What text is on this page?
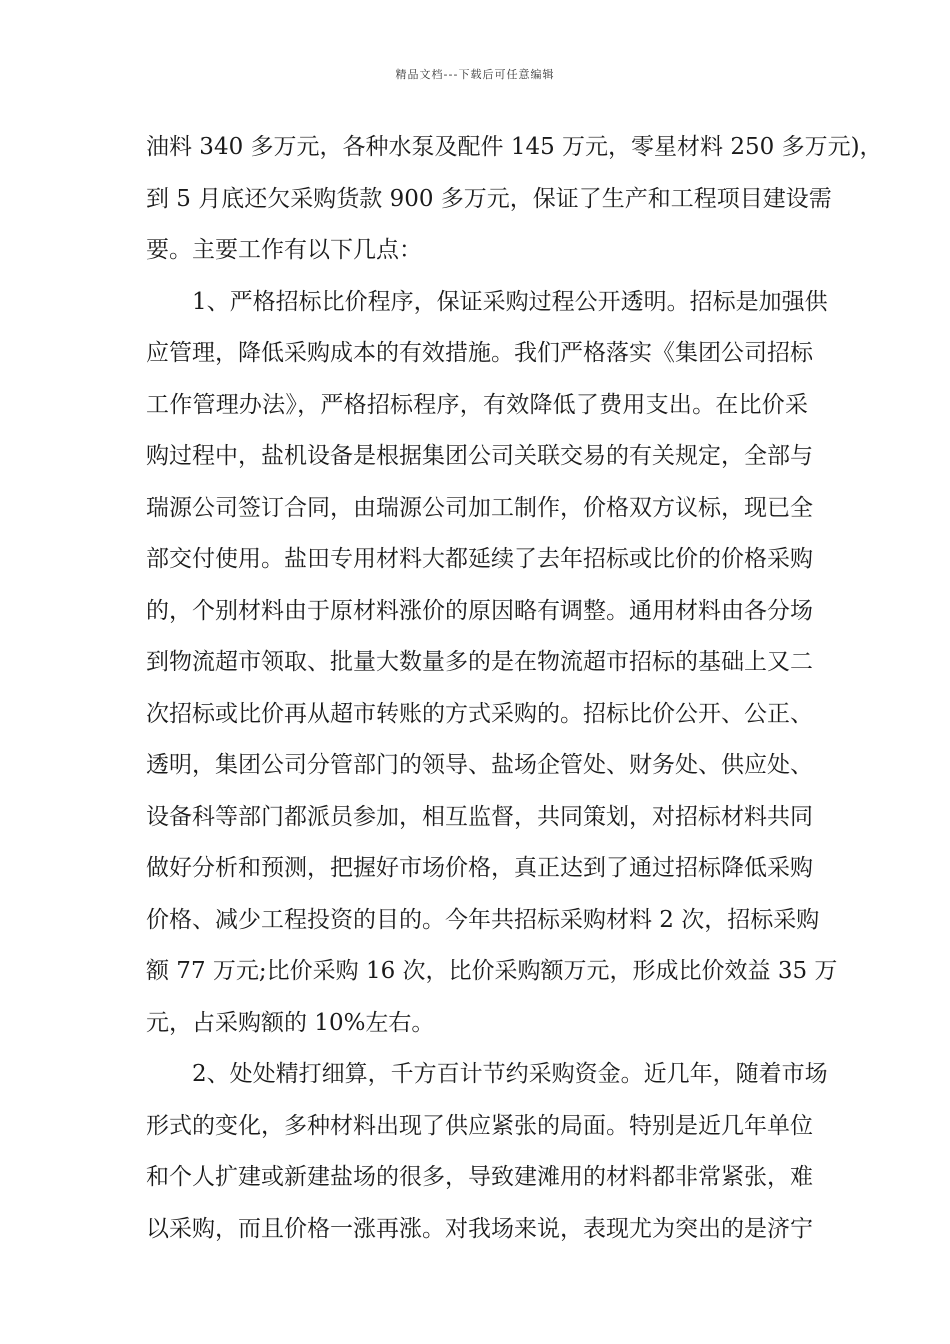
精品文档---下载后可任意编辑
油料 340 多万元，各种水泵及配件 145 万元，零星材料 250 多万元)，
到 5 月底还欠采购货款 900 多万元，保证了生产和工程项目建设需
要。主要工作有以下几点：
1、严格招标比价程序，保证采购过程公开透明。招标是加强供
应管理，降低采购成本的有效措施。我们严格落实《集团公司招标
工作管理办法》，严格招标程序，有效降低了费用支出。在比价采
购过程中，盐机设备是根据集团公司关联交易的有关规定，全部与
瑞源公司签订合同，由瑞源公司加工制作，价格双方议标，现已全
部交付使用。盐田专用材料大都延续了去年招标或比价的价格采购
的，个别材料由于原材料涨价的原因略有调整。通用材料由各分场
到物流超市领取、批量大数量多的是在物流超市招标的基础上又二
次招标或比价再从超市转账的方式采购的。招标比价公开、公正、
透明，集团公司分管部门的领导、盐场企管处、财务处、供应处、
设备科等部门都派员参加，相互监督，共同策划，对招标材料共同
做好分析和预测，把握好市场价格，真正达到了通过招标降低采购
价格、减少工程投资的目的。今年共招标采购材料 2 次，招标采购
额 77 万元;比价采购 16 次，比价采购额万元，形成比价效益 35 万
元，占采购额的 10%左右。
2、处处精打细算，千方百计节约采购资金。近几年，随着市场
形式的变化，多种材料出现了供应紧张的局面。特别是近几年单位
和个人扩建或新建盐场的很多，导致建滩用的材料都非常紧张，难
以采购，而且价格一涨再涨。对我场来说，表现尤为突出的是济宁
